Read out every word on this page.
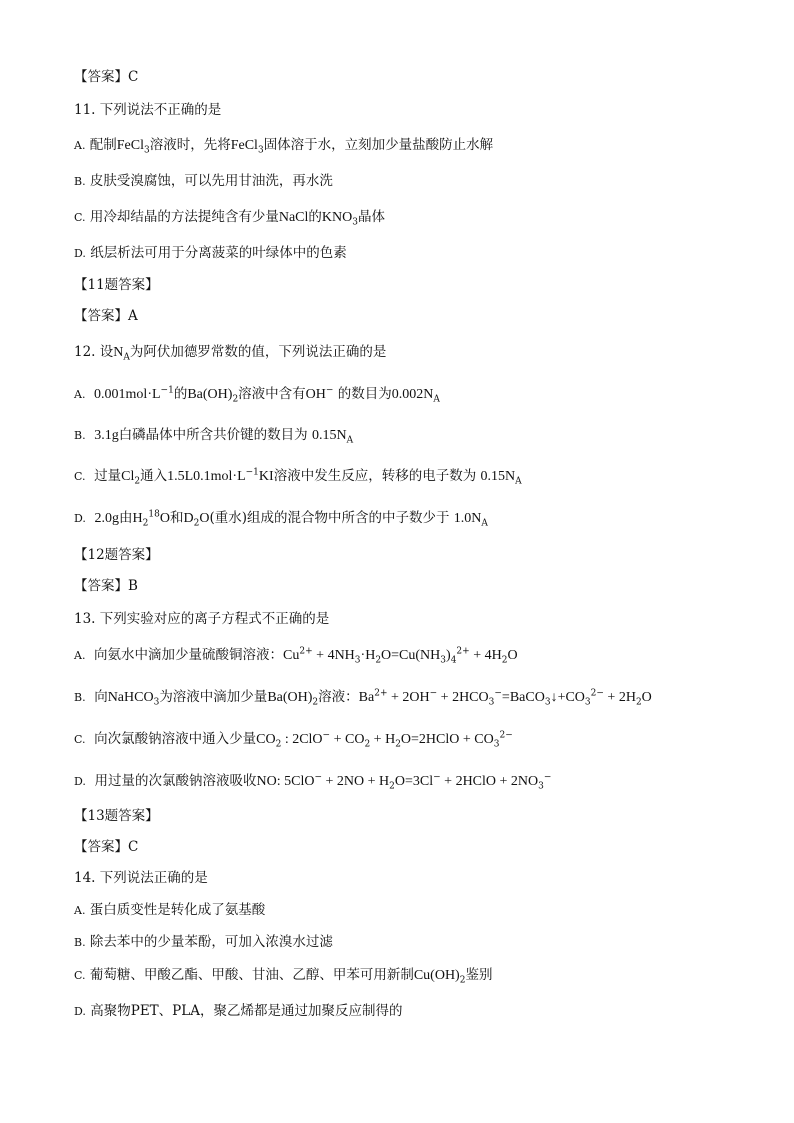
【答案】C
11. 下列说法不正确的是
A. 配制FeCl$_3$溶液时，先将FeCl$_3$固体溶于水，立刻加少量盐酸防止水解
B. 皮肤受溴腐蚀，可以先用甘油洗，再水洗
C. 用冷却结晶的方法提纯含有少量NaCl的$KNO_3$晶体
D. 纸层析法可用于分离菠菜的叶绿体中的色素
【11题答案】
【答案】A
12. 设$N_A$为阿伏加德罗常数的值，下列说法正确的是
A. $0.001mol\cdot L^{-1}$的$Ba(OH)_2$溶液中含有OH− 的数目为$0.002N_A$
B. 3.1g白磷晶体中所含共价键的数目为 $0.15N_A$
C. 过量$Cl_2$通入$1.5L0.1mol\cdot L^{-1}KI$溶液中发生反应，转移的电子数为 $0.15N_A$
D. 2.0g由$H_2^{18}O$和$D_2O$(重水)组成的混合物中所含的中子数少于 $1.0N_A$
【12题答案】
【答案】B
13. 下列实验对应的离子方程式不正确的是
A. 向氨水中滴加少量硫酸铜溶液：$Cu^{2+} + 4NH_3\cdot H_2O=Cu(NH_3)_4^{2+} + 4H_2O$
B. 向NaHCO$_3$为溶液中滴加少量$Ba(OH)_2$溶液：$Ba^{2+} + 2OH^-$ + $2HCO_3^-=BaCO_3↓+CO_3^{2-} + 2H_2O$
C. 向次氯酸钠溶液中通入少量$CO_2$ : $2ClO^- + CO_2$ + $H_2O=2HClO + CO_3^{2-}$
D. 用过量的次氯酸钠溶液吸收NO: $5ClO^- + 2NO + H_2O=3Cl^-$ + 2HClO + $2NO_3^-$
【13题答案】
【答案】C
14. 下列说法正确的是
A. 蛋白质变性是转化成了氨基酸
B. 除去苯中的少量苯酚，可加入浓溴水过滤
C. 葡萄糖、甲酸乙酯、甲酸、甘油、乙醇、甲苯可用新制$Cu(OH)_2$鉴别
D. 高聚物PET、PLA，聚乙烯都是通过加聚反应制得的
